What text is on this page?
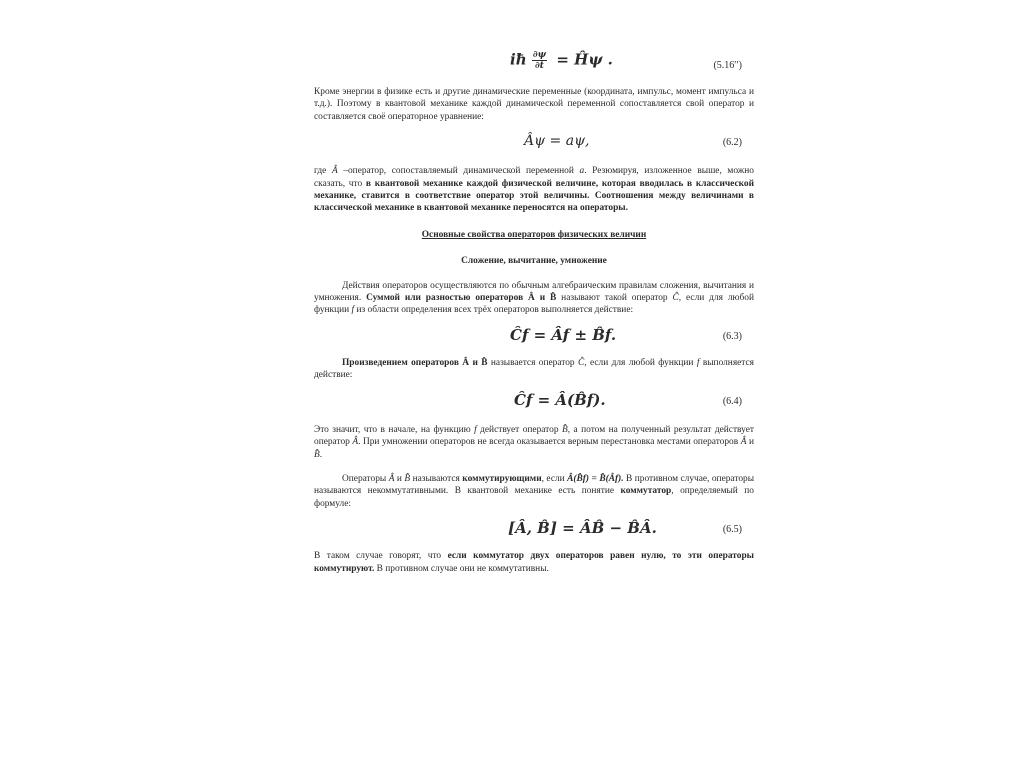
iħ $\frac{\partial\psi}{\partial t}$ = Ĥψ .	(5.16′′)

Кроме энергии в физике есть и другие динамические переменные (координата, импульс, момент импульса и т.д.). Поэтому в квантовой механике каждой динамической переменной сопоставляется свой оператор и составляется своё операторное уравнение:

Âψ = aψ,	(6.2)

где Â –оператор, сопоставляемый динамической переменной a. Резюмируя, изложенное выше, можно сказать, что в квантовой механике каждой физической величине, которая вводилась в классической механике, ставится в соответствие оператор этой величины. Соотношения между величинами в классической механике в квантовой механике переносятся на операторы.

Основные свойства операторов физических величин

Сложение, вычитание, умножение

Действия операторов осуществляются по обычным алгебраическим правилам сложения, вычитания и умножения. Суммой или разностью операторов Â и B̂ называют такой оператор Ĉ, если для любой функции f из области определения всех трёх операторов выполняется действие:

Ĉf = Âf ± B̂f.	(6.3)

Произведением операторов Â и B̂ называется оператор Ĉ, если для любой функции f выполняется действие:

Ĉf = Â(B̂f).	(6.4)

Это значит, что в начале, на функцию f действует оператор B̂, а потом на полученный результат действует оператор Â. При умножении операторов не всегда оказывается верным перестановка местами операторов Â и B̂.

Операторы Â и B̂ называются коммутирующими, если Â(B̂f) = B̂(Âf). В противном случае, операторы называются некоммутативными. В квантовой механике есть понятие коммутатор, определяемый по формуле:

[Â, B̂] = ÂB̂ − B̂Â.	(6.5)

В таком случае говорят, что если коммутатор двух операторов равен нулю, то эти операторы коммутируют. В противном случае они не коммутативны.
